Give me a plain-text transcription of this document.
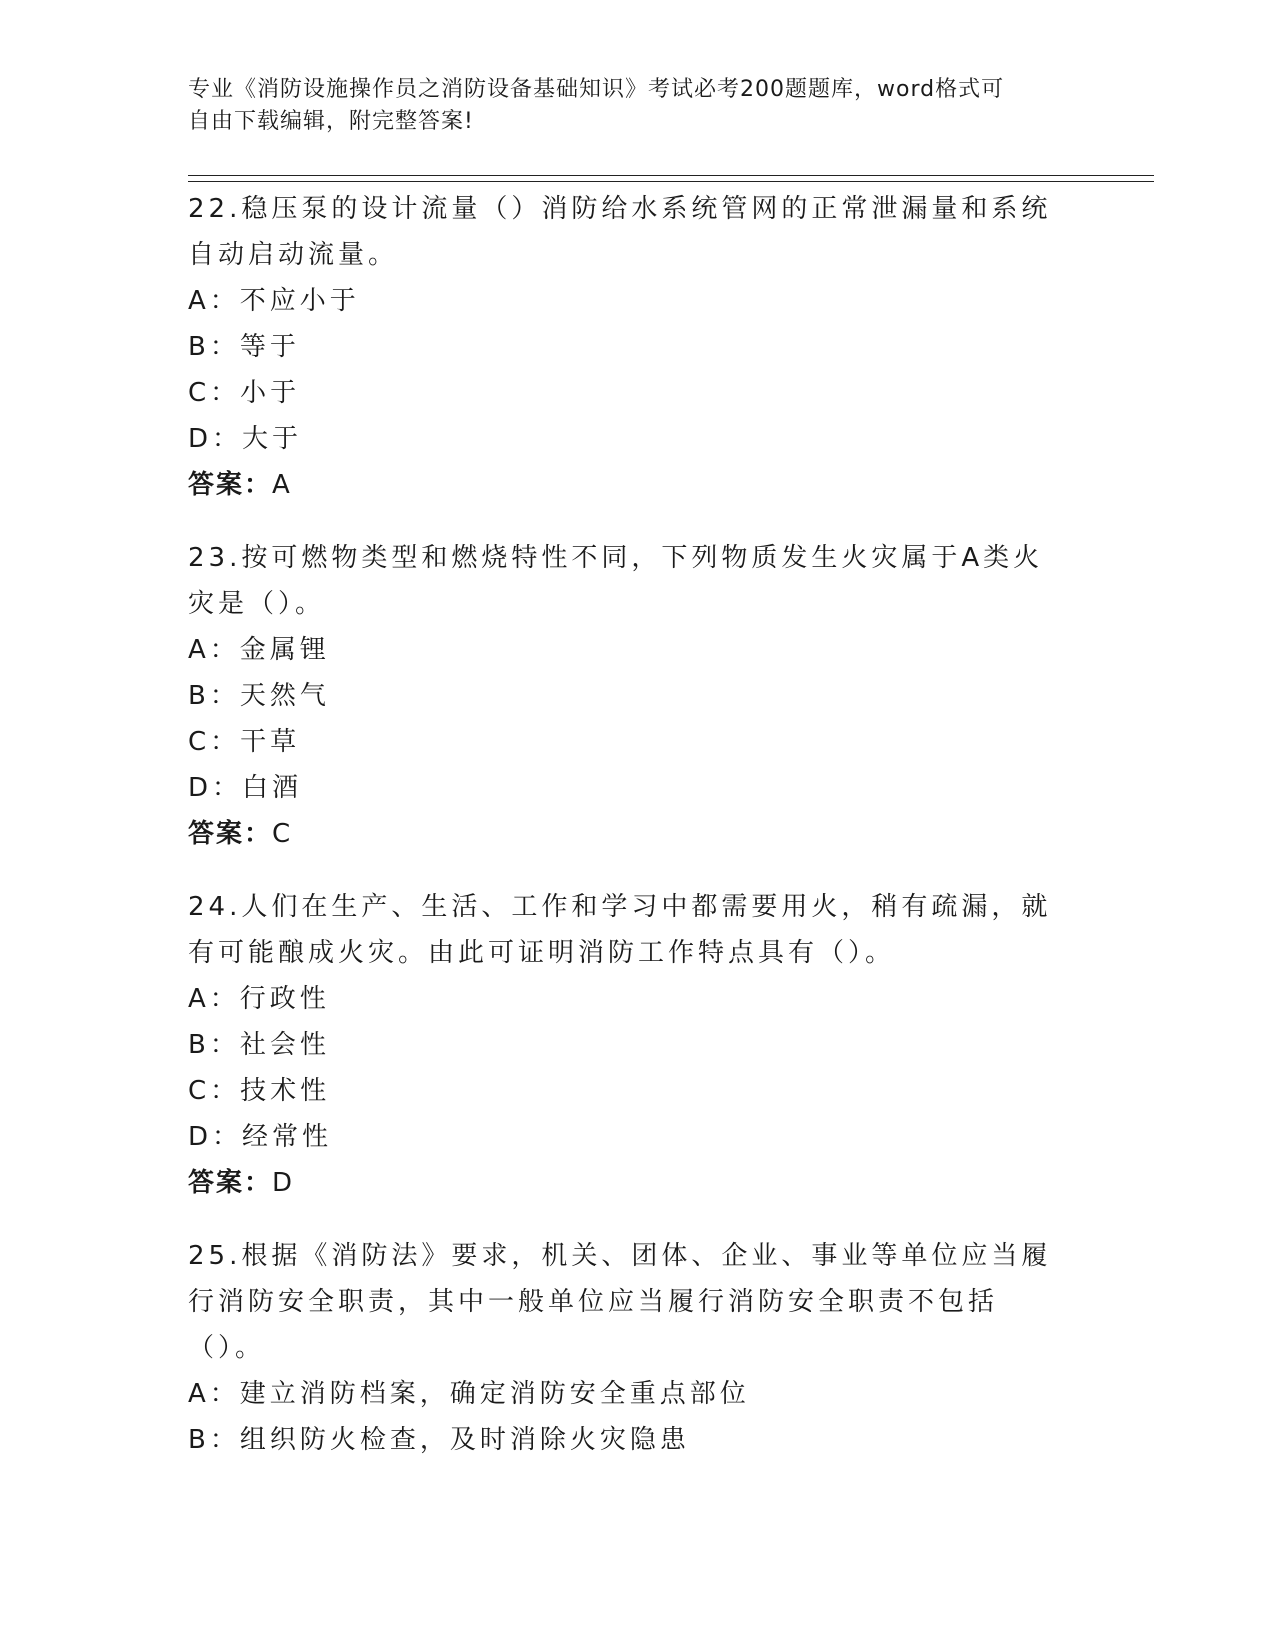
专业《消防设施操作员之消防设备基础知识》考试必考200题题库，word格式可
自由下载编辑，附完整答案!

22.稳压泵的设计流量（）消防给水系统管网的正常泄漏量和系统自动启动流量。

A：不应小于

B：等于

C：小于

D：大于

答案：A

23.按可燃物类型和燃烧特性不同，下列物质发生火灾属于A类火灾是（）。

A：金属锂

B：天然气

C：干草

D：白酒

答案：C

24.人们在生产、生活、工作和学习中都需要用火，稍有疏漏，就有可能酿成火灾。由此可证明消防工作特点具有（）。

A：行政性

B：社会性

C：技术性

D：经常性

答案：D

25.根据《消防法》要求，机关、团体、企业、事业等单位应当履行消防安全职责，其中一般单位应当履行消防安全职责不包括（）。

A：建立消防档案，确定消防安全重点部位

B：组织防火检查，及时消除火灾隐患
